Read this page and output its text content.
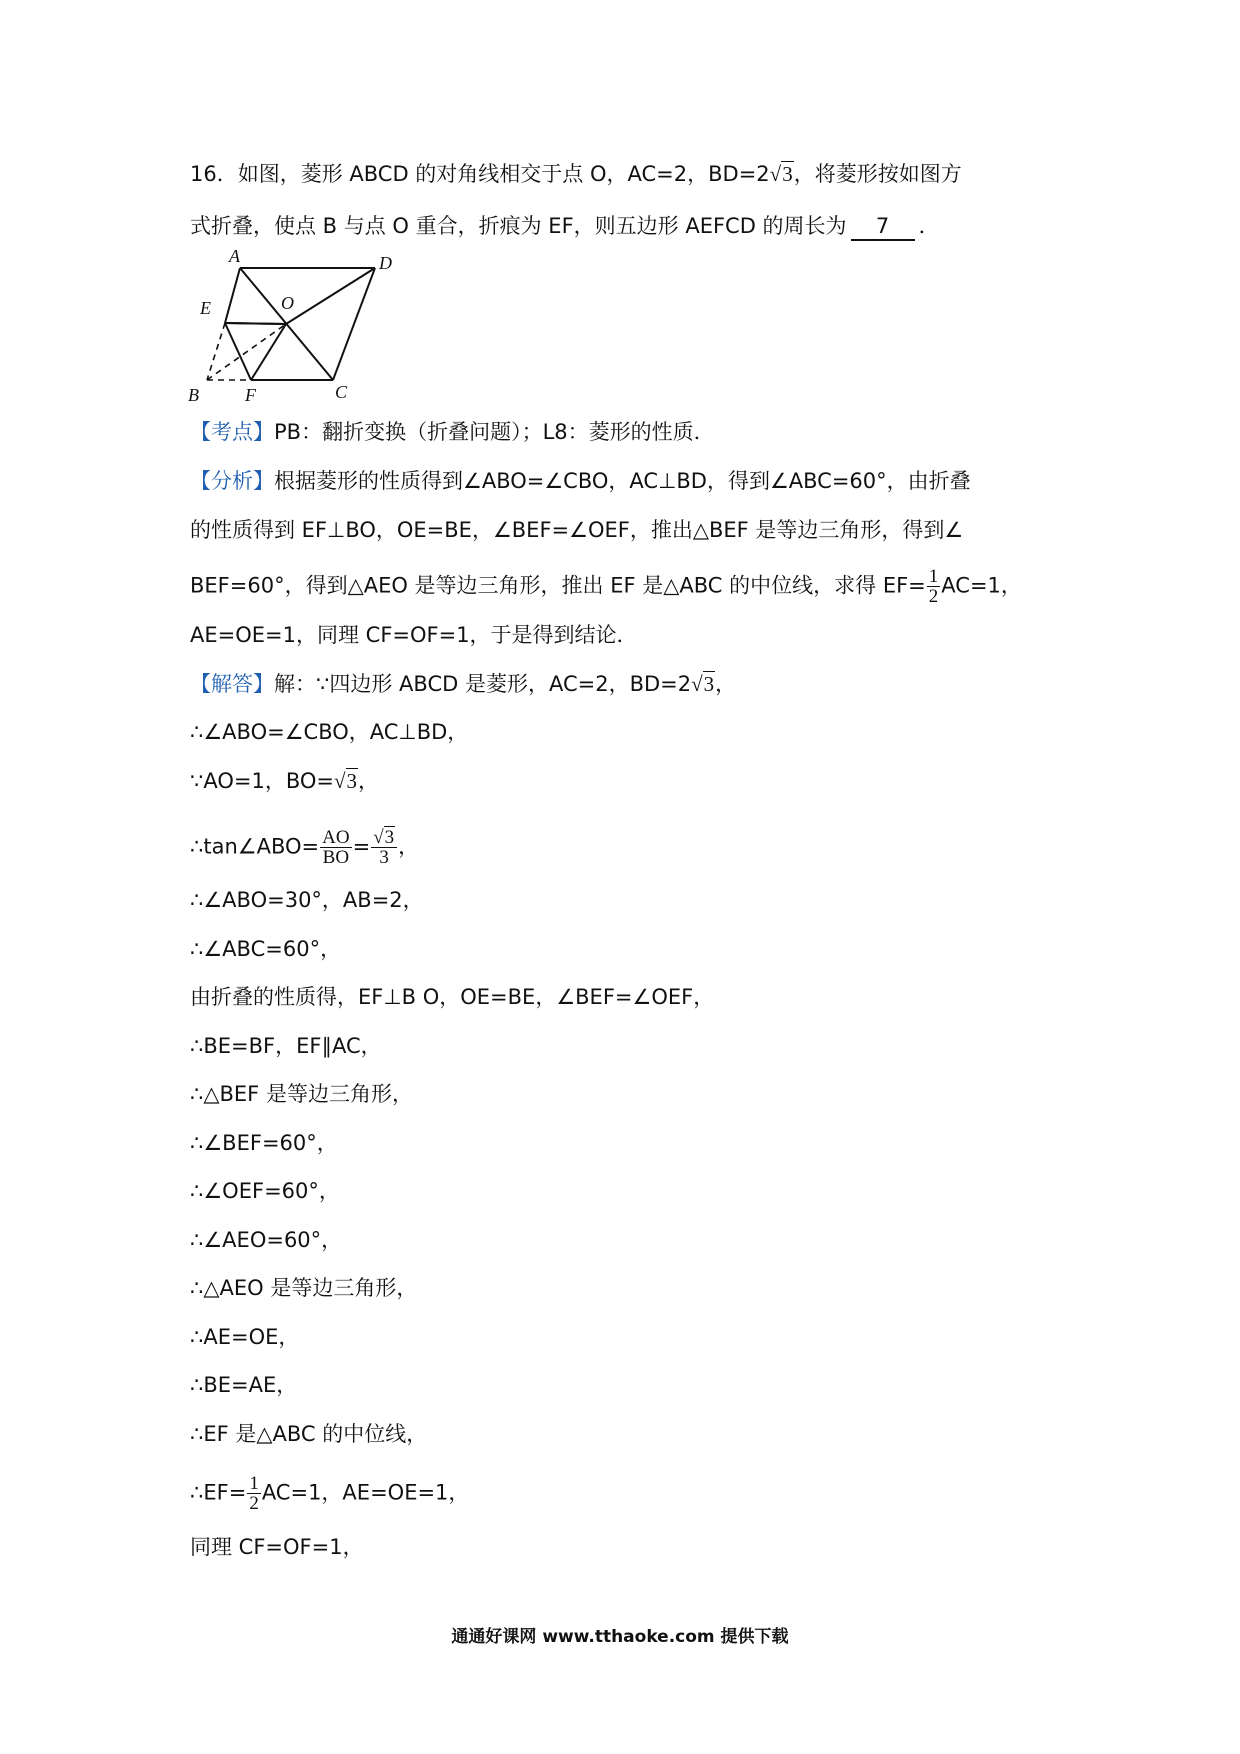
16．如图，菱形 ABCD 的对角线相交于点 O，AC=2，BD=2√3，将菱形按如图方
式折叠，使点 B 与点 O 重合，折痕为 EF，则五边形 AEFCD 的周长为 7 ．
A	D
E	O
B	F	C
【考点】PB：翻折变换（折叠问题）；L8：菱形的性质．
【分析】根据菱形的性质得到∠ABO=∠CBO，AC⊥BD，得到∠ABC=60°，由折叠
的性质得到 EF⊥BO，OE=BE，∠BEF=∠OEF，推出△BEF 是等边三角形，得到∠
BEF=60°，得到△AEO 是等边三角形，推出 EF 是△ABC 的中位线，求得 $EF= \frac{1}{2} AC=1$，
AE=OE=1，同理 CF=OF=1，于是得到结论．
【解答】解：∵四边形 ABCD 是菱形，AC=2，BD=2√3，
∴∠ABO=∠CBO，AC⊥BD，
∵AO=1，BO=√3，
∴tan∠ABO= $\frac{AO}{BO} = \frac{√3}{3}$ ，
∴∠ABO=30°，AB=2，
∴∠ABC=60°，
由折叠的性质得，EF⊥B O，OE=BE，∠BEF=∠OEF，
∴BE=BF，EF∥AC，
∴△BEF 是等边三角形，
∴∠BEF=60°，
∴∠OEF=60°，
∴∠AEO=60°，
∴△AEO 是等边三角形，
∴AE=OE，
∴BE=AE，
∴EF 是△ABC 的中位线，
∴EF= $\frac{1}{2} AC=1$，AE=OE=1，
同理 CF=OF=1，
通通好课网 www.tthaoke.com 提供下载
